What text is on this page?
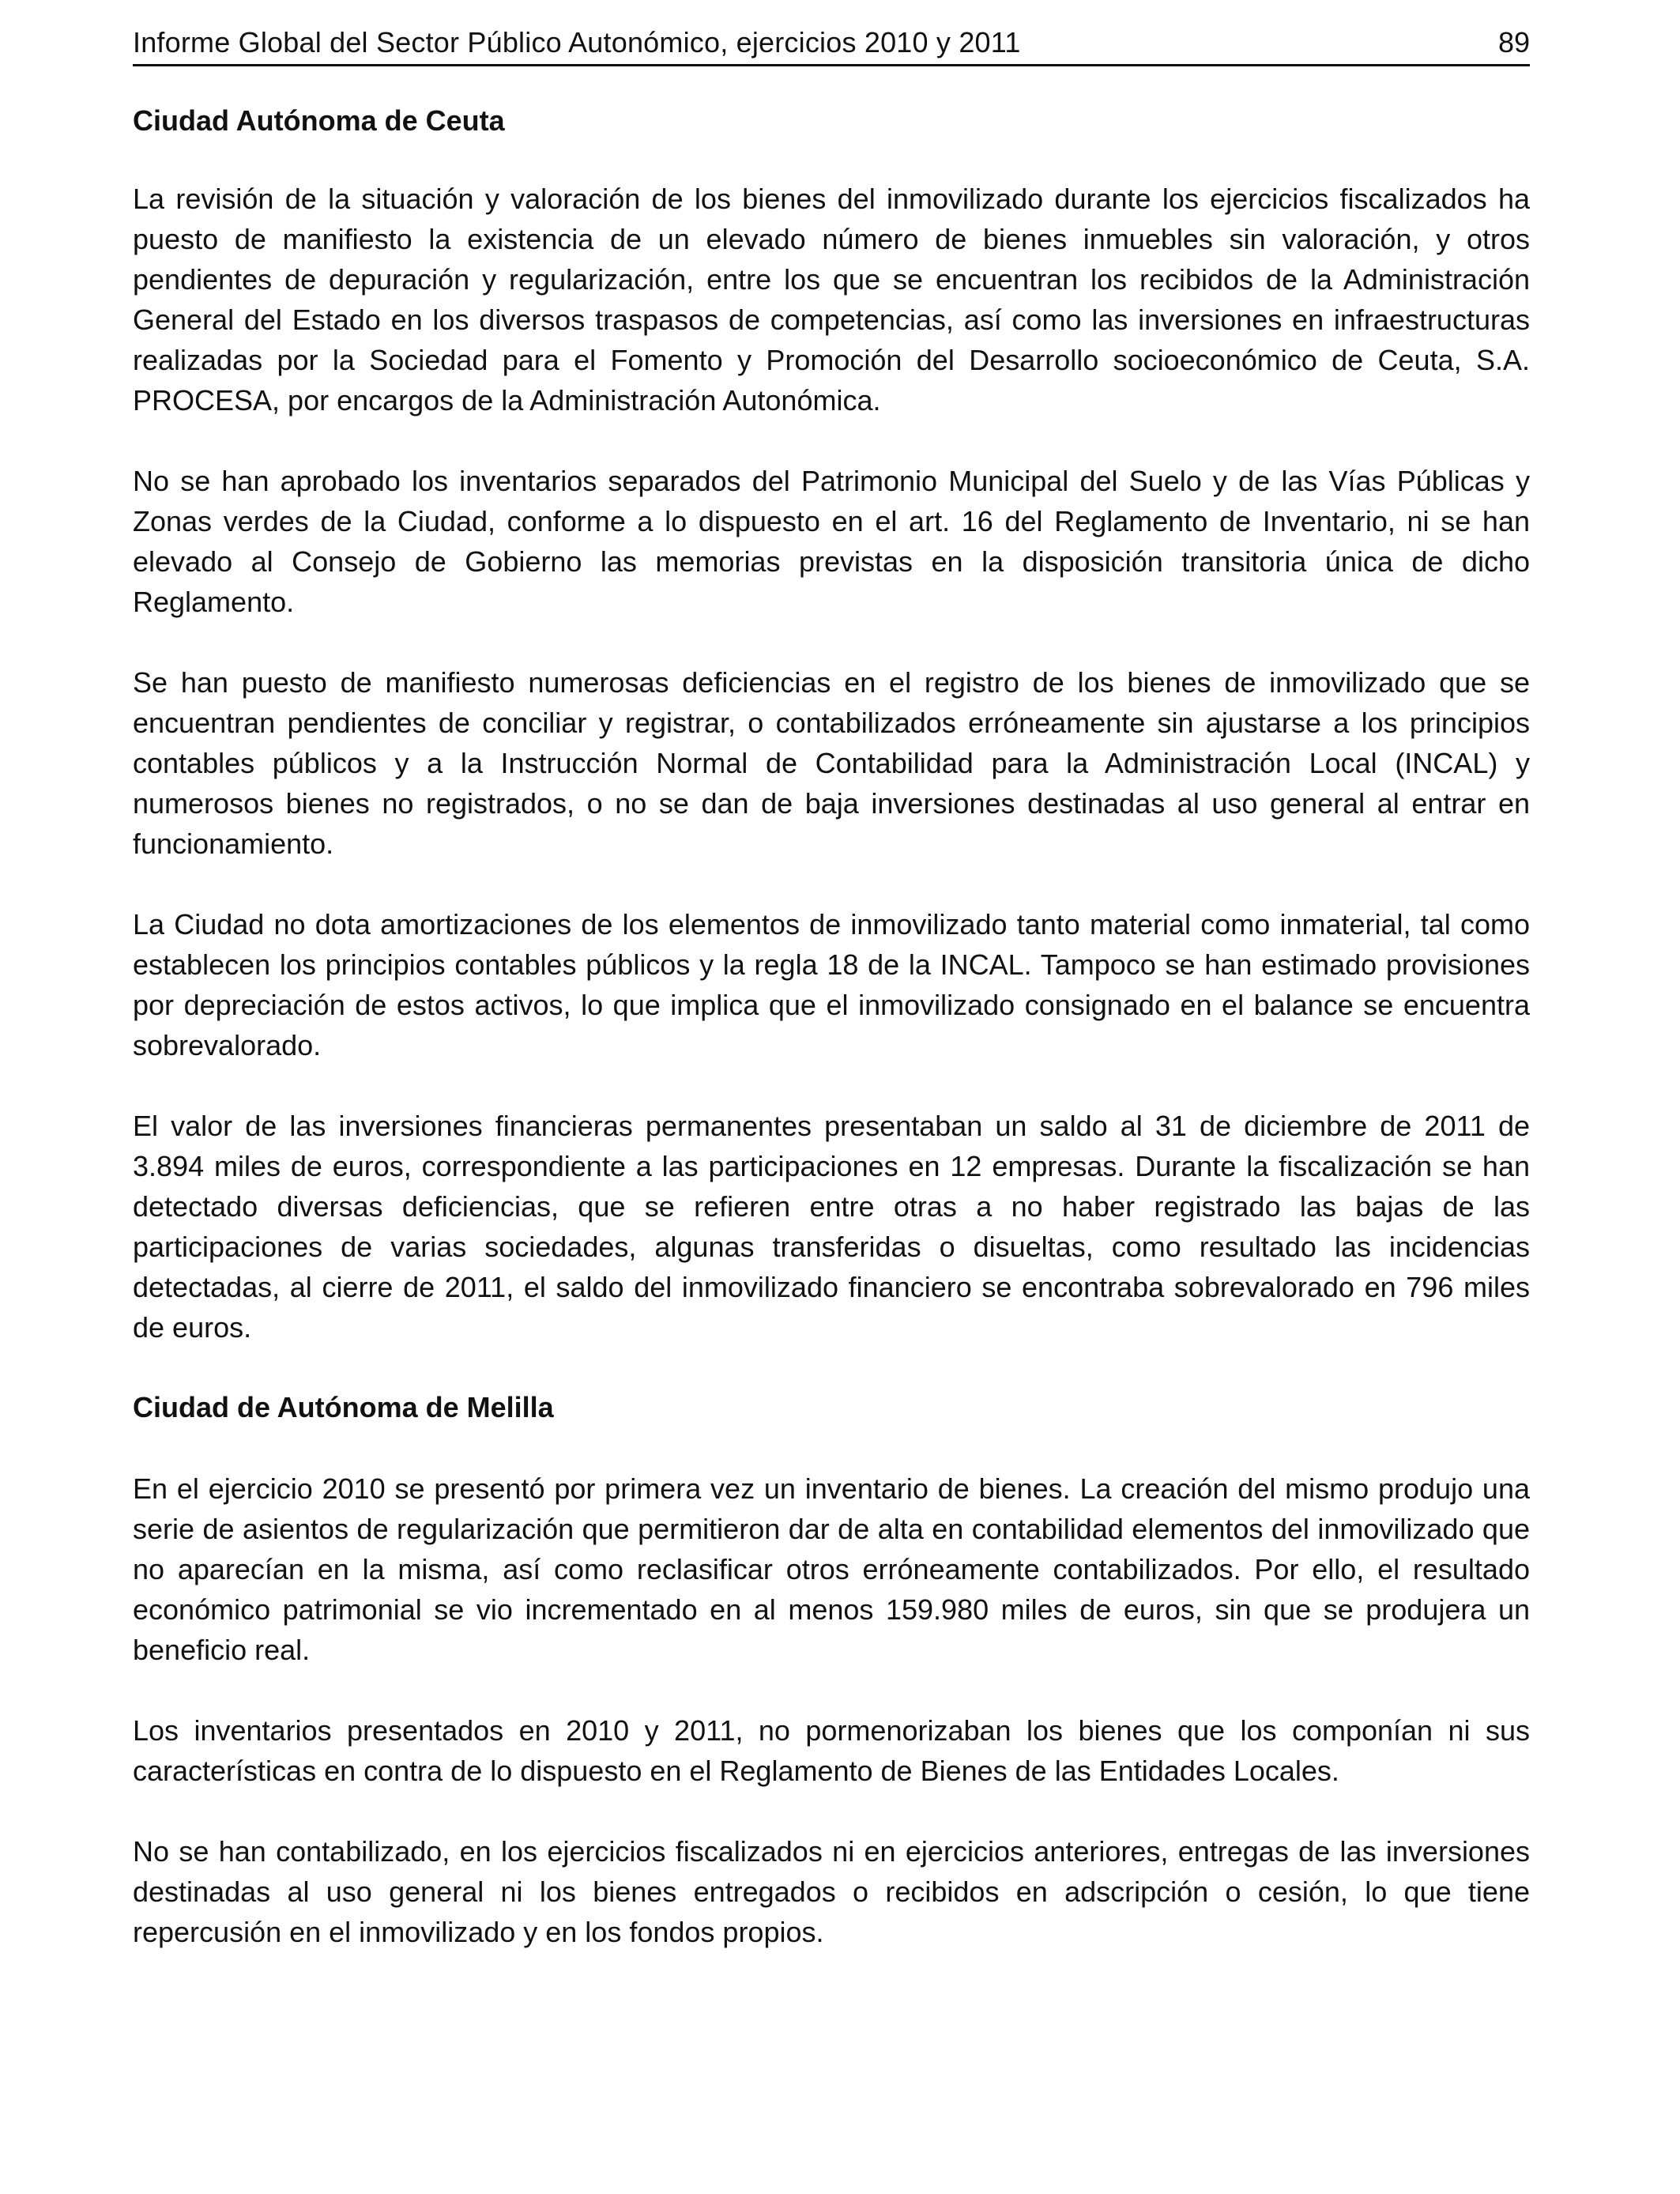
Informe Global del Sector Público Autonómico, ejercicios 2010 y 2011	89
Ciudad Autónoma de Ceuta

La revisión de la situación y valoración de los bienes del inmovilizado durante los ejercicios fiscalizados ha puesto de manifiesto la existencia de un elevado número de bienes inmuebles sin valoración, y otros pendientes de depuración y regularización, entre los que se encuentran los recibidos de la Administración General del Estado en los diversos traspasos de competencias, así como las inversiones en infraestructuras realizadas por la Sociedad para el Fomento y Promoción del Desarrollo socioeconómico de Ceuta, S.A. PROCESA, por encargos de la Administración Autonómica.

No se han aprobado los inventarios separados del Patrimonio Municipal del Suelo y de las Vías Públicas y Zonas verdes de la Ciudad, conforme a lo dispuesto en el art. 16 del Reglamento de Inventario, ni se han elevado al Consejo de Gobierno las memorias previstas en la disposición transitoria única de dicho Reglamento.

Se han puesto de manifiesto numerosas deficiencias en el registro de los bienes de inmovilizado que se encuentran pendientes de conciliar y registrar, o contabilizados erróneamente sin ajustarse a los principios contables públicos y a la Instrucción Normal de Contabilidad para la Administración Local (INCAL) y numerosos bienes no registrados, o no se dan de baja inversiones destinadas al uso general al entrar en funcionamiento.

La Ciudad no dota amortizaciones de los elementos de inmovilizado tanto material como inmaterial, tal como establecen los principios contables públicos y la regla 18 de la INCAL. Tampoco se han estimado provisiones por depreciación de estos activos, lo que implica que el inmovilizado consignado en el balance se encuentra sobrevalorado.

El valor de las inversiones financieras permanentes presentaban un saldo al 31 de diciembre de 2011 de 3.894 miles de euros, correspondiente a las participaciones en 12 empresas. Durante la fiscalización se han detectado diversas deficiencias, que se refieren entre otras a no haber registrado las bajas de las participaciones de varias sociedades, algunas transferidas o disueltas, como resultado las incidencias detectadas, al cierre de 2011, el saldo del inmovilizado financiero se encontraba sobrevalorado en 796 miles de euros.

Ciudad de Autónoma de Melilla

En el ejercicio 2010 se presentó por primera vez un inventario de bienes. La creación del mismo produjo una serie de asientos de regularización que permitieron dar de alta en contabilidad elementos del inmovilizado que no aparecían en la misma, así como reclasificar otros erróneamente contabilizados. Por ello, el resultado económico patrimonial se vio incrementado en al menos 159.980 miles de euros, sin que se produjera un beneficio real.

Los inventarios presentados en 2010 y 2011, no pormenorizaban los bienes que los componían ni sus características en contra de lo dispuesto en el Reglamento de Bienes de las Entidades Locales.

No se han contabilizado, en los ejercicios fiscalizados ni en ejercicios anteriores, entregas de las inversiones destinadas al uso general ni los bienes entregados o recibidos en adscripción o cesión, lo que tiene repercusión en el inmovilizado y en los fondos propios.
